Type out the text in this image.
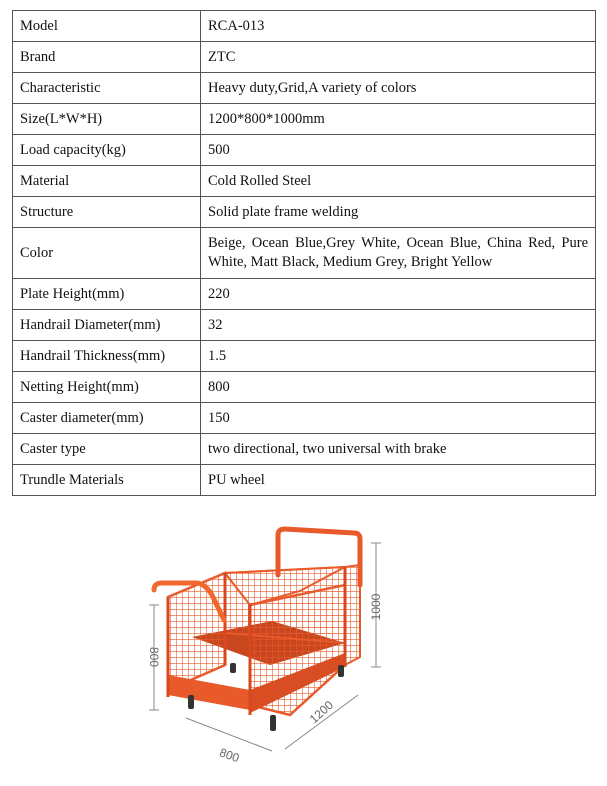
Model	RCA-013
Brand	ZTC
Characteristic	Heavy duty,Grid,A variety of colors
Size(L*W*H)	1200*800*1000mm
Load capacity(kg)	500
Material	Cold Rolled Steel
Structure	Solid plate frame welding
Color	Beige, Ocean Blue,Grey White, Ocean Blue, China Red, Pure White, Matt Black, Medium Grey, Bright Yellow
Plate Height(mm)	220
Handrail Diameter(mm)	32
Handrail Thickness(mm)	1.5
Netting Height(mm)	800
Caster diameter(mm)	150
Caster type	two directional, two universal with brake
Trundle Materials	PU wheel
1000
800
1200
800
